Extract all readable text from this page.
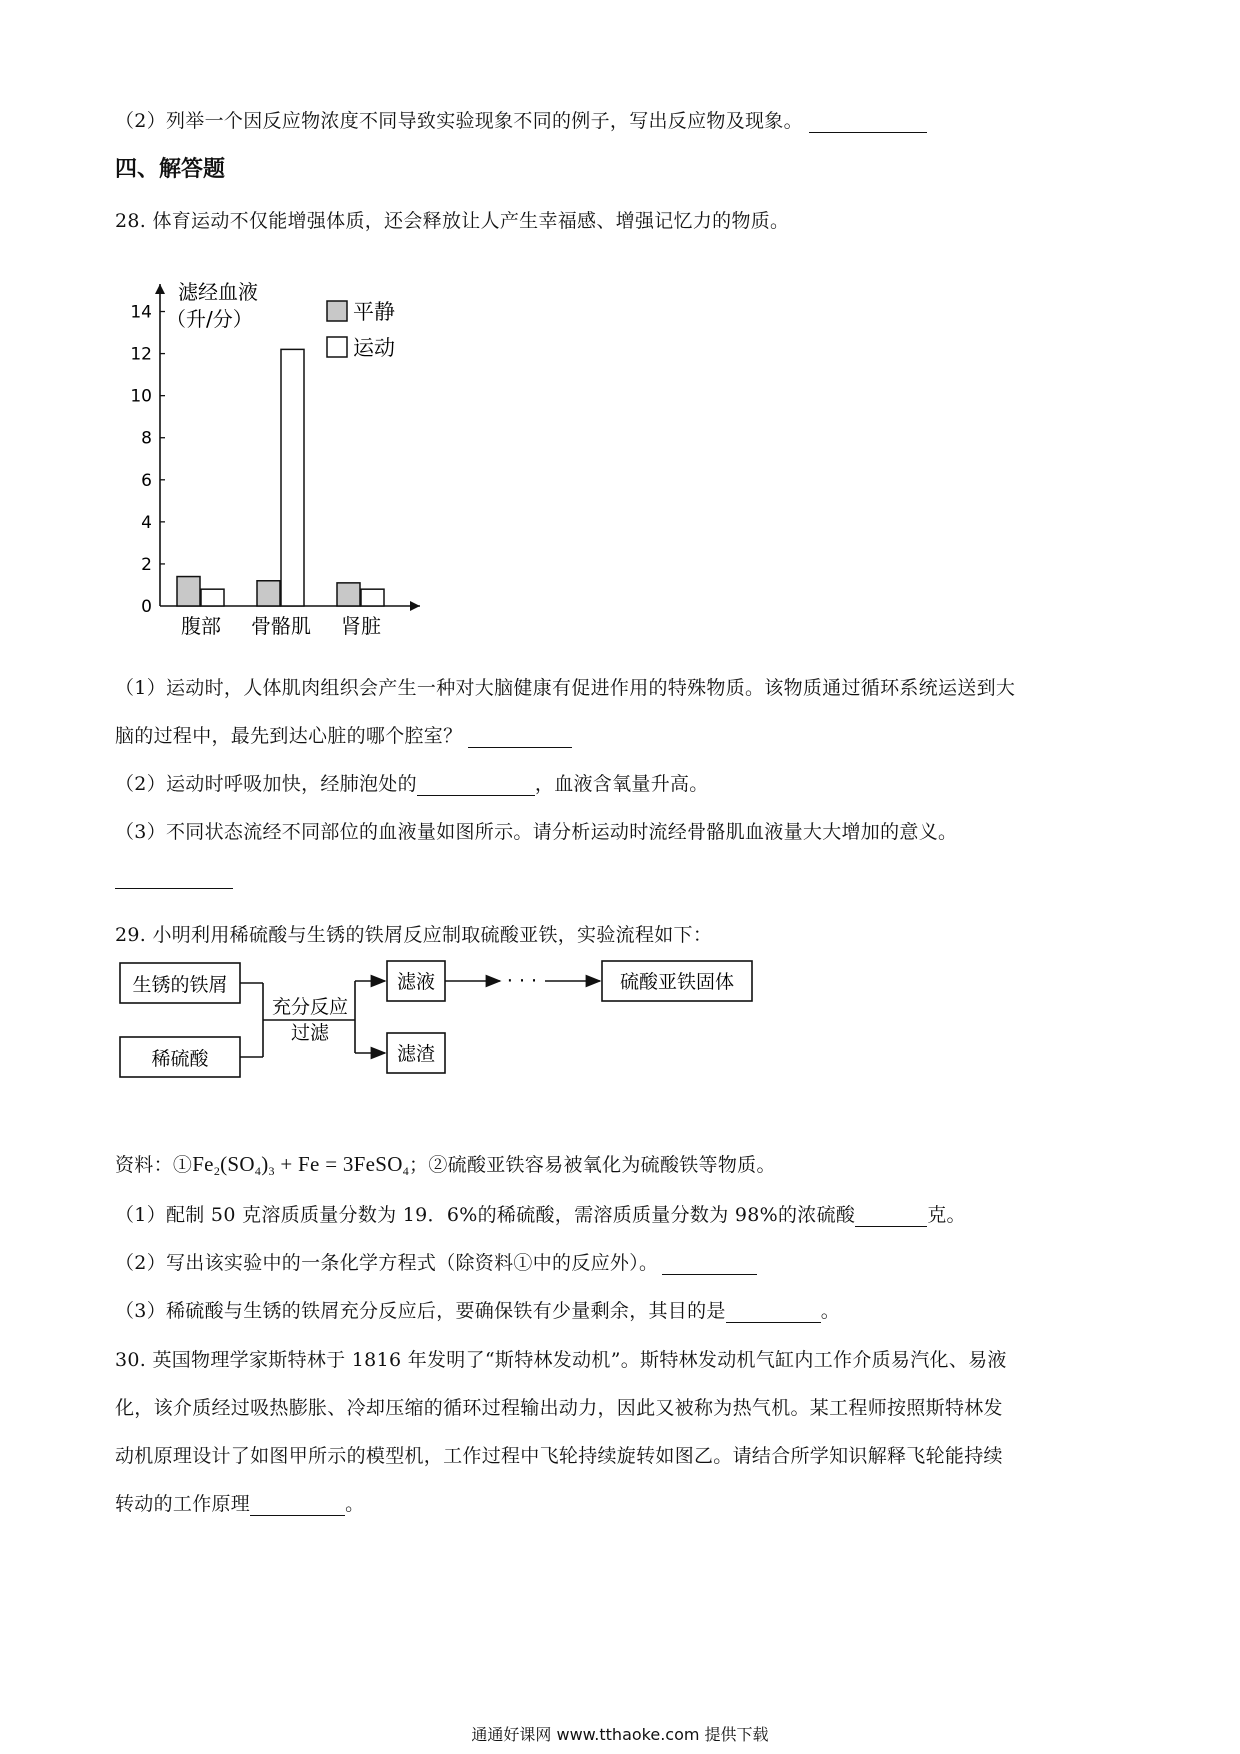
（2）列举一个因反应物浓度不同导致实验现象不同的例子，写出反应物及现象。
四、解答题
28. 体育运动不仅能增强体质，还会释放让人产生幸福感、增强记忆力的物质。
滤经血液
（升/分）
0
2
4
6
8
10
12
14
腹部 骨骼肌 肾脏
平静
运动
（1）运动时，人体肌肉组织会产生一种对大脑健康有促进作用的特殊物质。该物质通过循环系统运送到大
脑的过程中，最先到达心脏的哪个腔室？
（2）运动时呼吸加快，经肺泡处的	，血液含氧量升高。
（3）不同状态流经不同部位的血液量如图所示。请分析运动时流经骨骼肌血液量大大增加的意义。
29. 小明利用稀硫酸与生锈的铁屑反应制取硫酸亚铁，实验流程如下：
生锈的铁屑
稀硫酸
充分反应
过滤
滤液
滤渣
· · ·	硫酸亚铁固体
资料：$①Fe_2(SO_4)_3 + Fe$ = 3FeSO$_4$；②硫酸亚铁容易被氧化为硫酸铁等物质。
（1）配制 50 克溶质质量分数为 19．6%的稀硫酸，需溶质质量分数为 98%的浓硫酸	克。
（2）写出该实验中的一条化学方程式（除资料①中的反应外）。
（3）稀硫酸与生锈的铁屑充分反应后，要确保铁有少量剩余，其目的是	。
30. 英国物理学家斯特林于 1816 年发明了“斯特林发动机”。斯特林发动机气缸内工作介质易汽化、易液
化，该介质经过吸热膨胀、冷却压缩的循环过程输出动力，因此又被称为热气机。某工程师按照斯特林发
动机原理设计了如图甲所示的模型机，工作过程中飞轮持续旋转如图乙。请结合所学知识解释飞轮能持续
转动的工作原理	。
通通好课网 www.tthaoke.com 提供下载
